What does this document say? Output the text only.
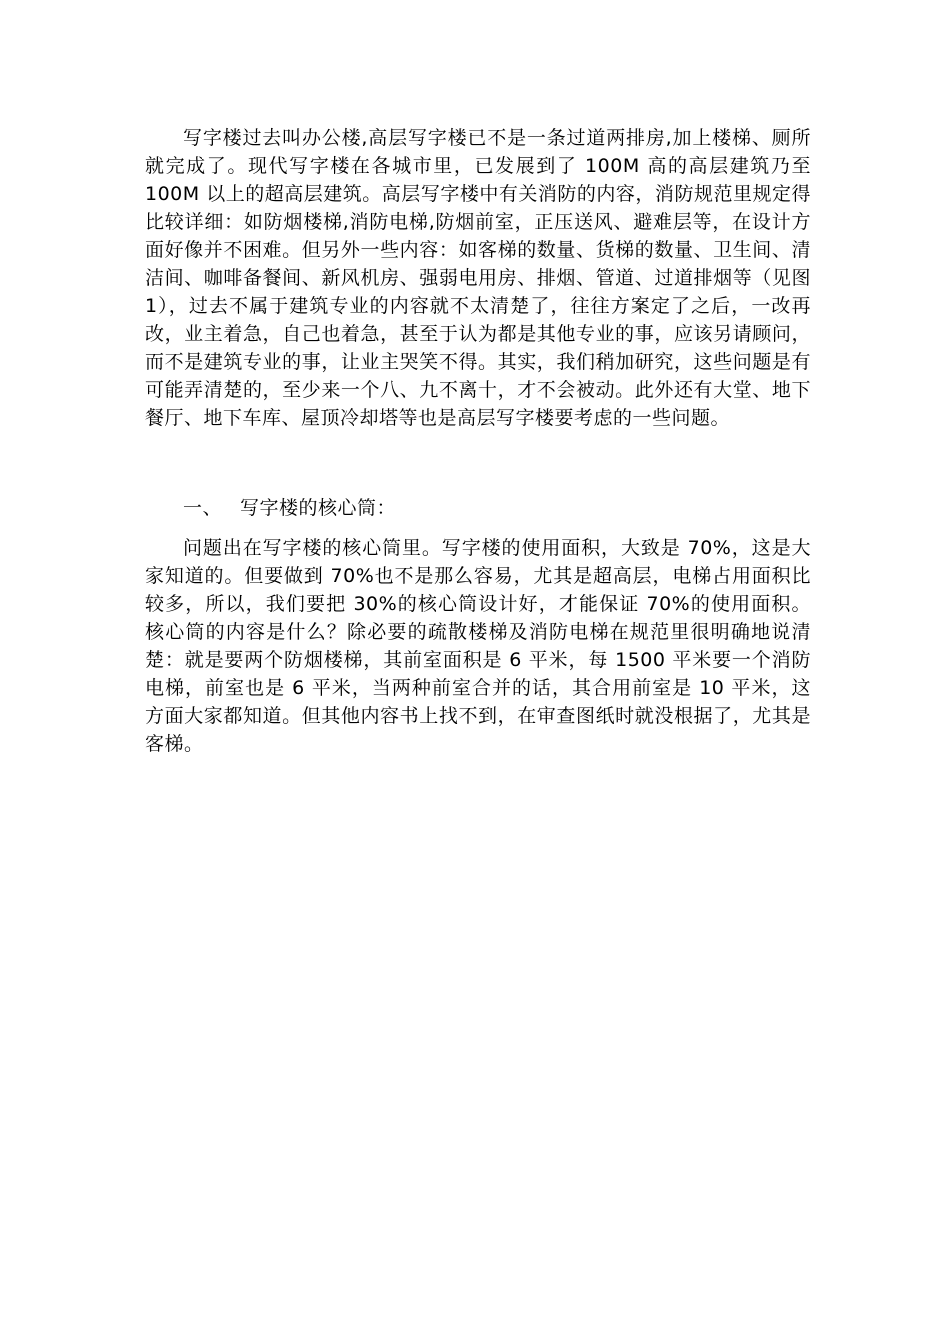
写字楼过去叫办公楼,高层写字楼已不是一条过道两排房,加上楼梯、厕所就完成了。现代写字楼在各城市里，已发展到了 100M 高的高层建筑乃至 100M 以上的超高层建筑。高层写字楼中有关消防的内容，消防规范里规定得比较详细：如防烟楼梯,消防电梯,防烟前室，正压送风、避难层等，在设计方面好像并不困难。但另外一些内容：如客梯的数量、货梯的数量、卫生间、清洁间、咖啡备餐间、新风机房、强弱电用房、排烟、管道、过道排烟等（见图 1），过去不属于建筑专业的内容就不太清楚了，往往方案定了之后，一改再改，业主着急，自己也着急，甚至于认为都是其他专业的事，应该另请顾问，而不是建筑专业的事，让业主哭笑不得。其实，我们稍加研究，这些问题是有可能弄清楚的，至少来一个八、九不离十，才不会被动。此外还有大堂、地下餐厅、地下车库、屋顶冷却塔等也是高层写字楼要考虑的一些问题。

一、 写字楼的核心筒：

问题出在写字楼的核心筒里。写字楼的使用面积，大致是 70%，这是大家知道的。但要做到 70%也不是那么容易，尤其是超高层，电梯占用面积比较多，所以，我们要把 30%的核心筒设计好，才能保证 70%的使用面积。核心筒的内容是什么？除必要的疏散楼梯及消防电梯在规范里很明确地说清楚：就是要两个防烟楼梯，其前室面积是 6 平米，每 1500 平米要一个消防电梯，前室也是 6 平米，当两种前室合并的话，其合用前室是 10 平米，这方面大家都知道。但其他内容书上找不到，在审查图纸时就没根据了，尤其是客梯。
